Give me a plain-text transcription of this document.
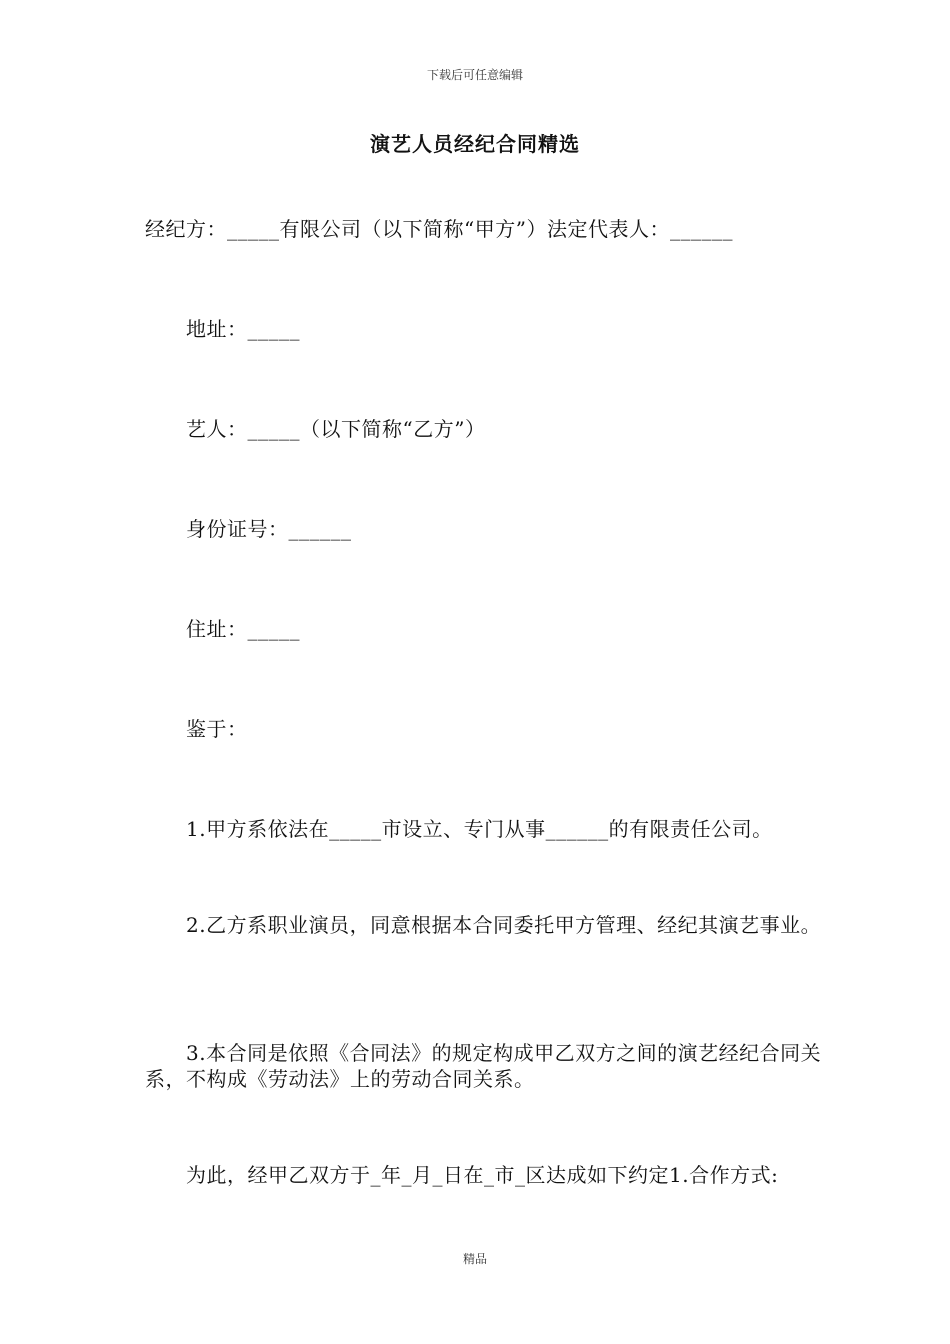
下载后可任意编辑
演艺人员经纪合同精选
经纪方：_____有限公司（以下简称“甲方”）法定代表人：______
　　地址：_____
　　艺人：_____（以下简称“乙方”）
　　身份证号：______
　　住址：_____
　　鉴于：
　　1.甲方系依法在_____市设立、专门从事______的有限责任公司。
　　2.乙方系职业演员，同意根据本合同委托甲方管理、经纪其演艺事业。
　　3.本合同是依照《合同法》的规定构成甲乙双方之间的演艺经纪合同关系，不构成《劳动法》上的劳动合同关系。
　　为此，经甲乙双方于_年_月_日在_市_区达成如下约定1.合作方式:
精品
